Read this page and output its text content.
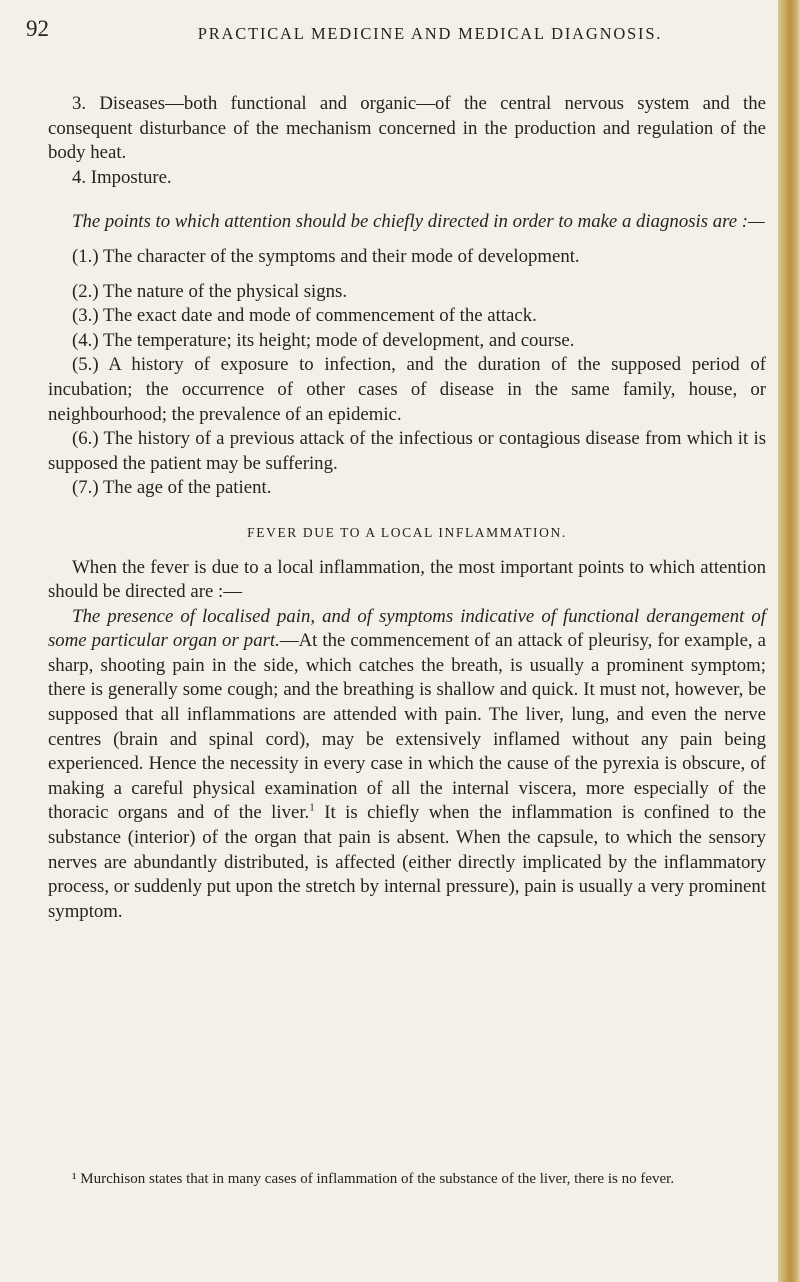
92	PRACTICAL MEDICINE AND MEDICAL DIAGNOSIS.

3. Diseases—both functional and organic—of the central nervous system and the consequent disturbance of the mechanism concerned in the production and regulation of the body heat.

4. Imposture.

The points to which attention should be chiefly directed in order to make a diagnosis are :—

(1.) The character of the symptoms and their mode of development.

(2.) The nature of the physical signs.

(3.) The exact date and mode of commencement of the attack.

(4.) The temperature; its height; mode of development, and course.

(5.) A history of exposure to infection, and the duration of the supposed period of incubation; the occurrence of other cases of disease in the same family, house, or neighbourhood; the prevalence of an epidemic.

(6.) The history of a previous attack of the infectious or contagious disease from which it is supposed the patient may be suffering.

(7.) The age of the patient.

FEVER DUE TO A LOCAL INFLAMMATION.

When the fever is due to a local inflammation, the most important points to which attention should be directed are :—

The presence of localised pain, and of symptoms indicative of functional derangement of some particular organ or part.—At the commencement of an attack of pleurisy, for example, a sharp, shooting pain in the side, which catches the breath, is usually a prominent symptom; there is generally some cough; and the breathing is shallow and quick. It must not, however, be supposed that all inflammations are attended with pain. The liver, lung, and even the nerve centres (brain and spinal cord), may be extensively inflamed without any pain being experienced. Hence the necessity in every case in which the cause of the pyrexia is obscure, of making a careful physical examination of all the internal viscera, more especially of the thoracic organs and of the liver.$^1$ It is chiefly when the inflammation is confined to the substance (interior) of the organ that pain is absent. When the capsule, to which the sensory nerves are abundantly distributed, is affected (either directly implicated by the inflammatory process, or suddenly put upon the stretch by internal pressure), pain is usually a very prominent symptom.

¹ Murchison states that in many cases of inflammation of the substance of the liver, there is no fever.
